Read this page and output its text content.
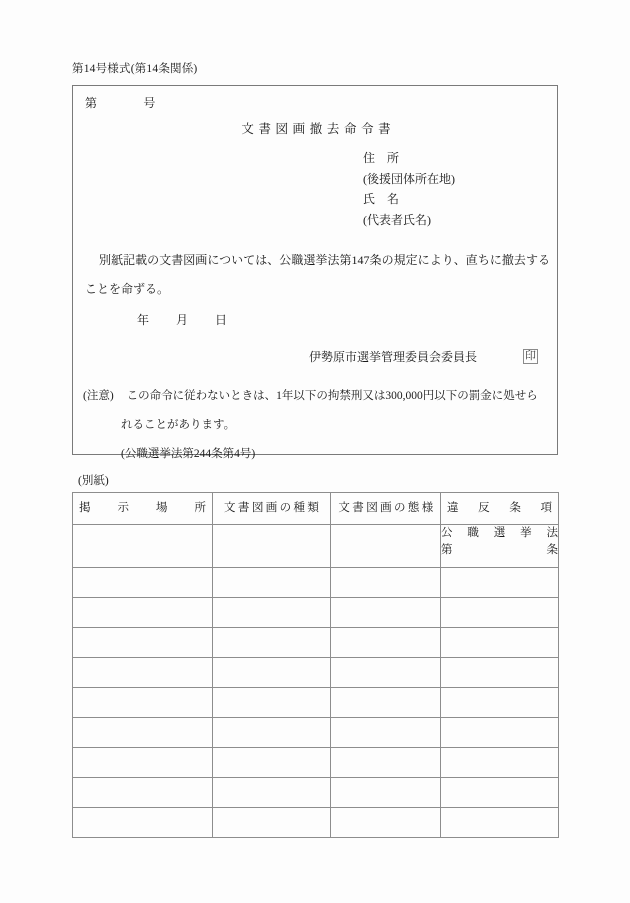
第14号様式(第14条関係)
第	号
文書図画撤去命令書
住　所
(後援団体所在地)
氏　名
(代表者氏名)
別紙記載の文書図画については、公職選挙法第147条の規定により、直ちに撤去することを命ずる。
年 月 日
伊勢原市選挙管理委員会委員長	印
(注意) この命令に従わないときは、1年以下の拘禁刑又は300,000円以下の罰金に処せら
れることがあります。
(公職選挙法第244条第4号)
(別紙)
掲示場所	文書図画の種類	文書図画の態様	違反条項

			公職選挙法
第　　　条
